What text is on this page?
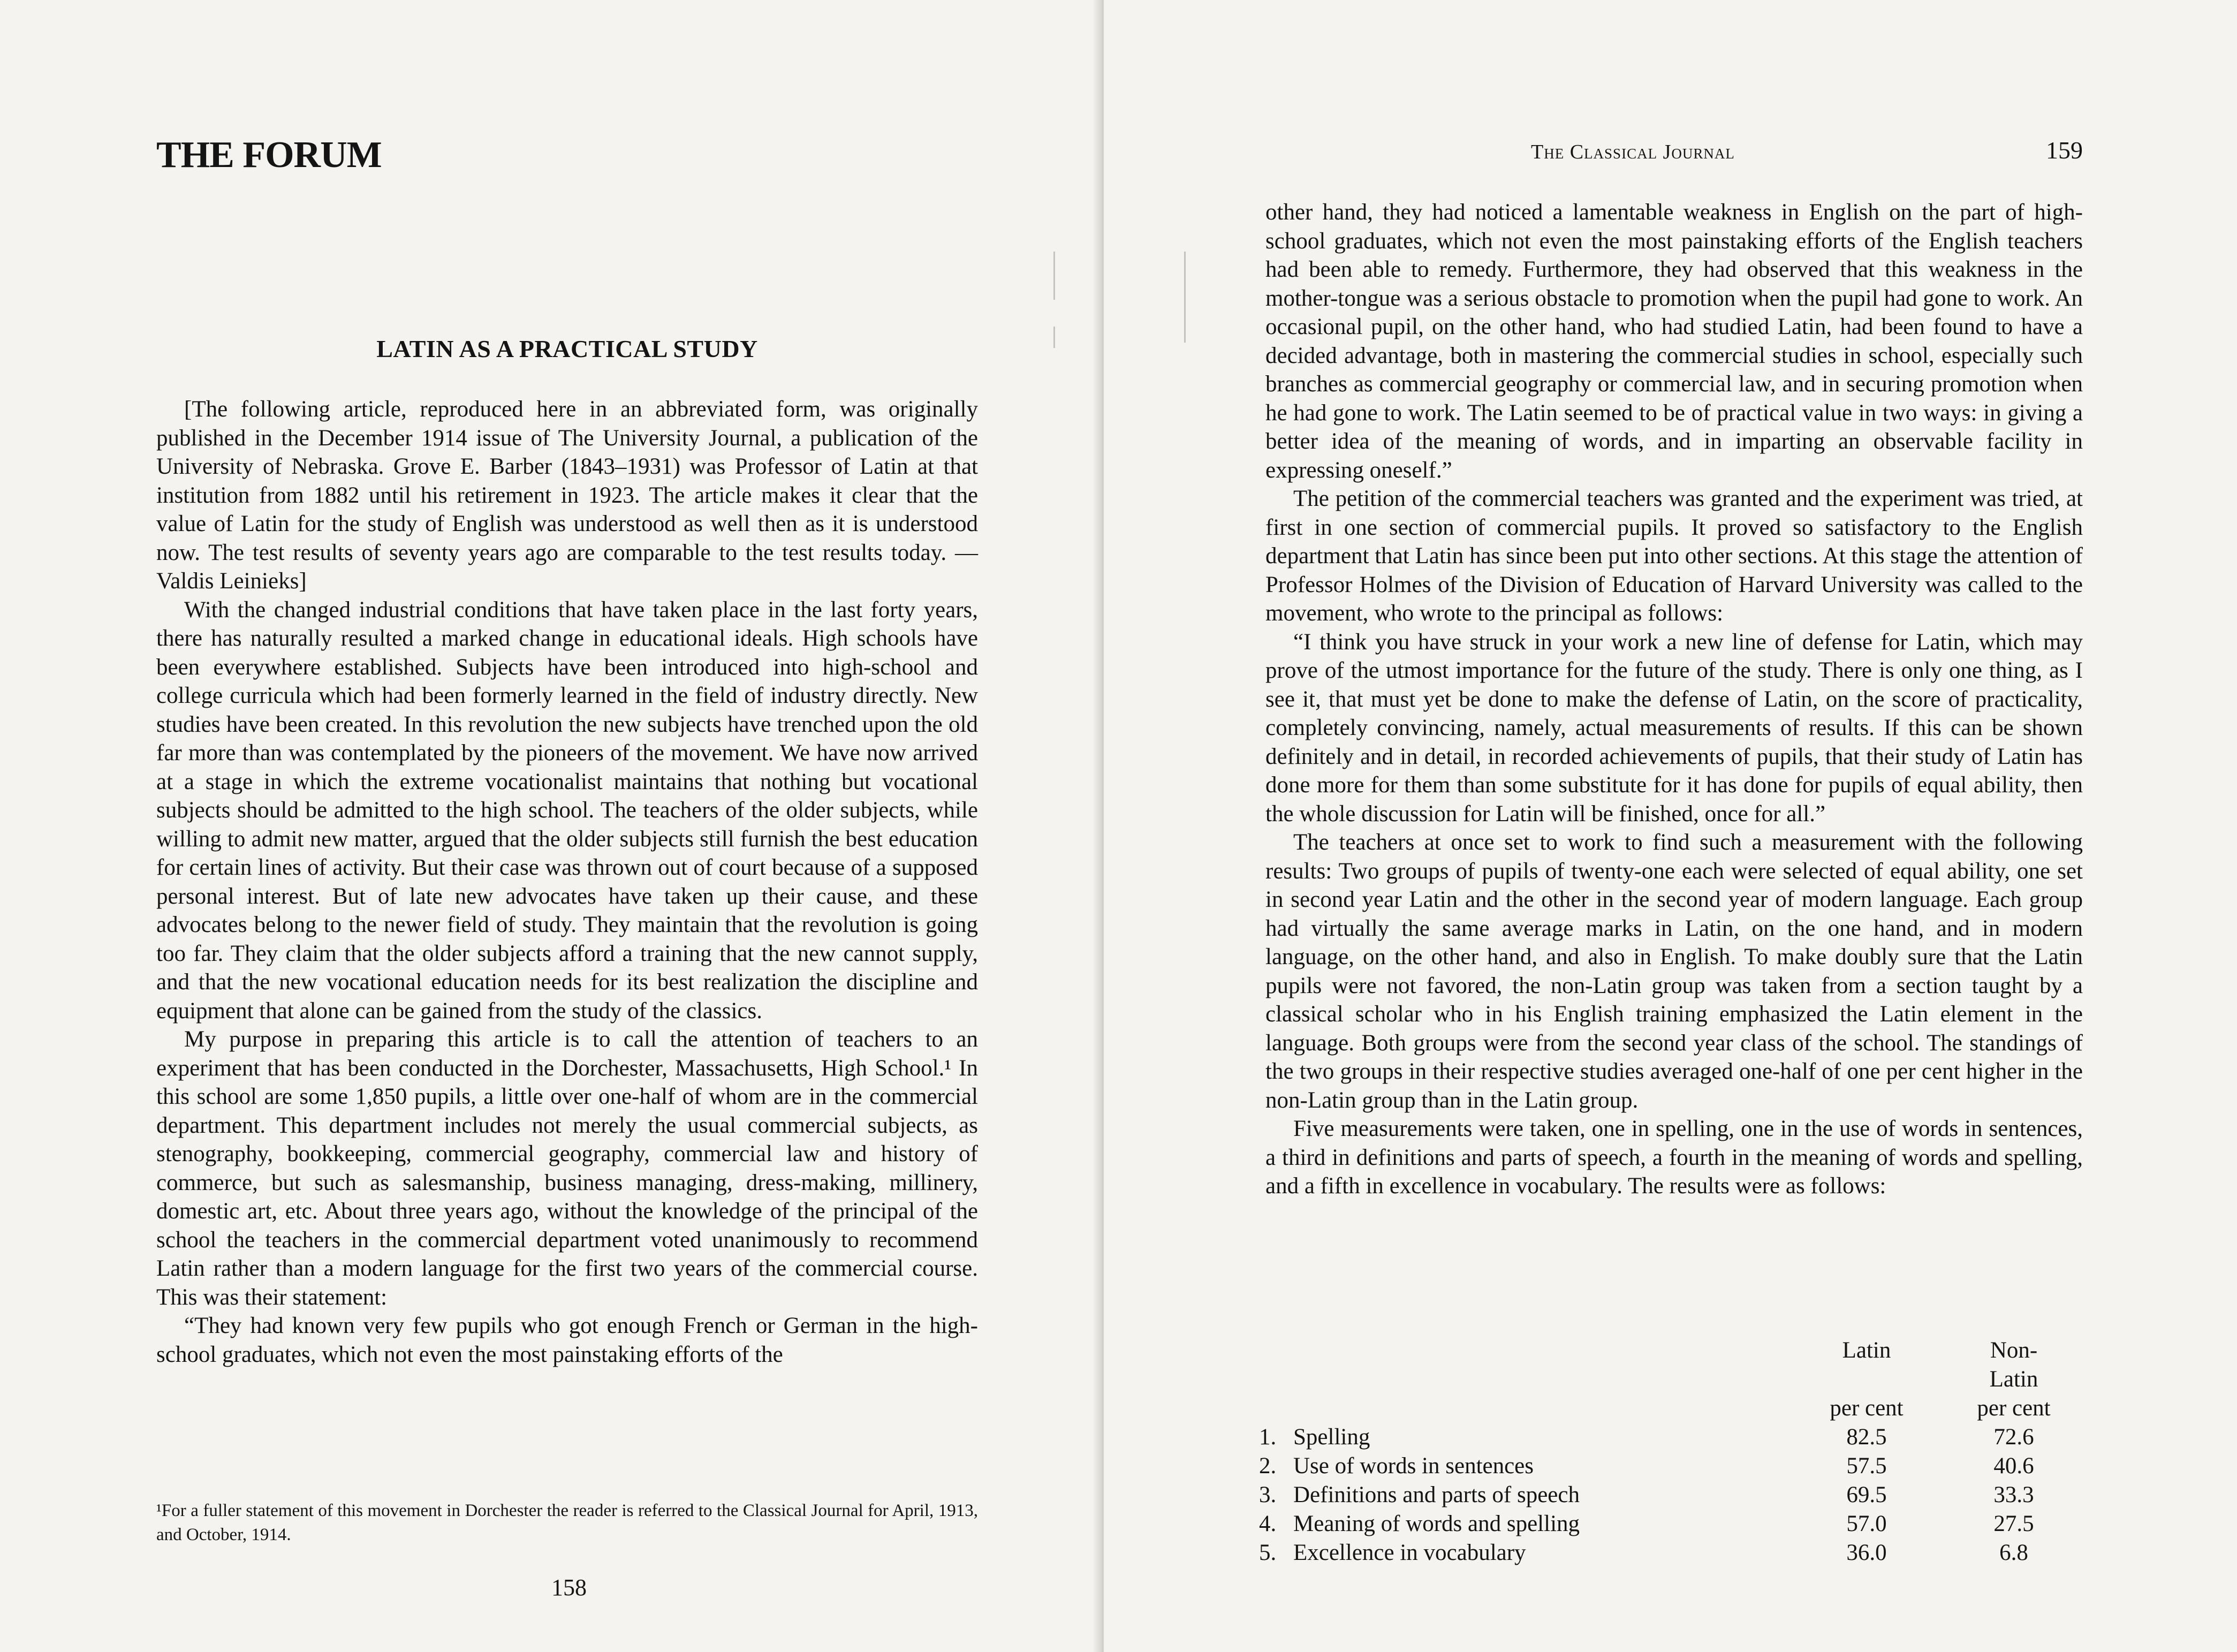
THE FORUM
LATIN AS A PRACTICAL STUDY

[The following article, reproduced here in an abbreviated form, was originally published in the December 1914 issue of The University Journal, a publication of the University of Nebraska. Grove E. Barber (1843–1931) was Professor of Latin at that institution from 1882 until his retirement in 1923. The article makes it clear that the value of Latin for the study of English was understood as well then as it is understood now. The test results of seventy years ago are comparable to the test results today. — Valdis Leinieks]

With the changed industrial conditions that have taken place in the last forty years, there has naturally resulted a marked change in educational ideals. High schools have been everywhere established. Subjects have been introduced into high-school and college curricula which had been formerly learned in the field of industry directly. New studies have been created. In this revolution the new subjects have trenched upon the old far more than was contemplated by the pioneers of the movement. We have now arrived at a stage in which the extreme vocationalist maintains that nothing but vocational subjects should be admitted to the high school. The teachers of the older subjects, while willing to admit new matter, argued that the older subjects still furnish the best education for certain lines of activity. But their case was thrown out of court because of a supposed personal interest. But of late new advocates have taken up their cause, and these advocates belong to the newer field of study. They maintain that the revolution is going too far. They claim that the older subjects afford a training that the new cannot supply, and that the new vocational education needs for its best realization the discipline and equipment that alone can be gained from the study of the classics.

My purpose in preparing this article is to call the attention of teachers to an experiment that has been conducted in the Dorchester, Massachusetts, High School.¹ In this school are some 1,850 pupils, a little over one-half of whom are in the commercial department. This department includes not merely the usual commercial subjects, as stenography, bookkeeping, commercial geography, commercial law and history of commerce, but such as salesmanship, business managing, dress-making, millinery, domestic art, etc. About three years ago, without the knowledge of the principal of the school the teachers in the commercial department voted unanimously to recommend Latin rather than a modern language for the first two years of the commercial course. This was their statement:

“They had known very few pupils who got enough French or German in the high-school graduates, which not even the most painstaking efforts of the

¹For a fuller statement of this movement in Dorchester the reader is referred to the Classical Journal for April, 1913, and October, 1914.

158

The Classical Journal	159

other hand, they had noticed a lamentable weakness in English on the part of high-school graduates, which not even the most painstaking efforts of the English teachers had been able to remedy. Furthermore, they had observed that this weakness in the mother-tongue was a serious obstacle to promotion when the pupil had gone to work. An occasional pupil, on the other hand, who had studied Latin, had been found to have a decided advantage, both in mastering the commercial studies in school, especially such branches as commercial geography or commercial law, and in securing promotion when he had gone to work. The Latin seemed to be of practical value in two ways: in giving a better idea of the meaning of words, and in imparting an observable facility in expressing oneself.”

The petition of the commercial teachers was granted and the experiment was tried, at first in one section of commercial pupils. It proved so satisfactory to the English department that Latin has since been put into other sections. At this stage the attention of Professor Holmes of the Division of Education of Harvard University was called to the movement, who wrote to the principal as follows:

“I think you have struck in your work a new line of defense for Latin, which may prove of the utmost importance for the future of the study. There is only one thing, as I see it, that must yet be done to make the defense of Latin, on the score of practicality, completely convincing, namely, actual measurements of results. If this can be shown definitely and in detail, in recorded achievements of pupils, that their study of Latin has done more for them than some substitute for it has done for pupils of equal ability, then the whole discussion for Latin will be finished, once for all.”

The teachers at once set to work to find such a measurement with the following results: Two groups of pupils of twenty-one each were selected of equal ability, one set in second year Latin and the other in the second year of modern language. Each group had virtually the same average marks in Latin, on the one hand, and in modern language, on the other hand, and also in English. To make doubly sure that the Latin pupils were not favored, the non-Latin group was taken from a section taught by a classical scholar who in his English training emphasized the Latin element in the language. Both groups were from the second year class of the school. The standings of the two groups in their respective studies averaged one-half of one per cent higher in the non-Latin group than in the Latin group.

Five measurements were taken, one in spelling, one in the use of words in sentences, a third in definitions and parts of speech, a fourth in the meaning of words and spelling, and a fifth in excellence in vocabulary. The results were as follows:

Latin	Non-
Latin
per cent	per cent
1. Spelling	82.5	72.6
2. Use of words in sentences	57.5	40.6
3. Definitions and parts of speech	69.5	33.3
4. Meaning of words and spelling	57.0	27.5
5. Excellence in vocabulary	36.0	6.8
